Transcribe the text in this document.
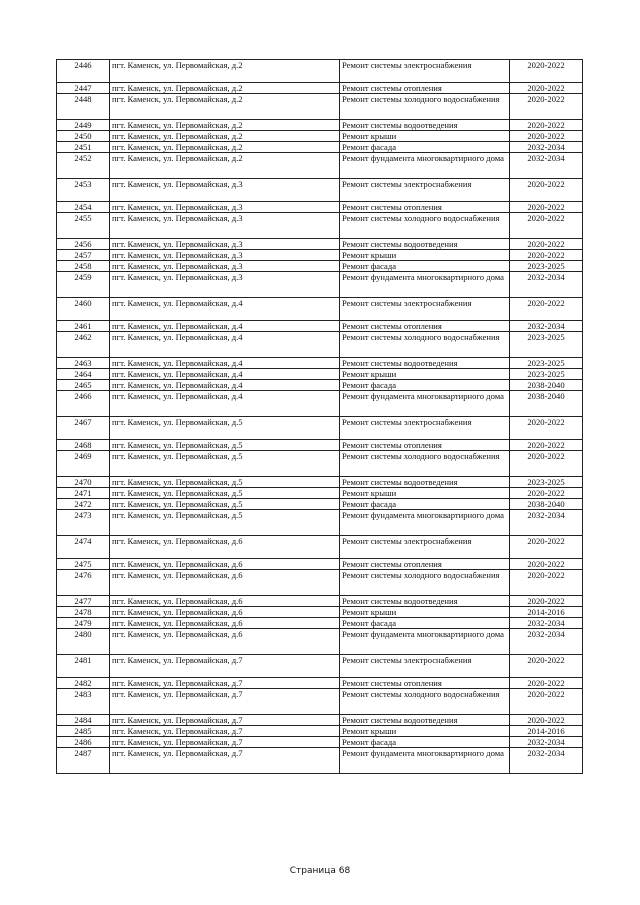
2446	пгт. Каменск, ул. Первомайская, д.2	Ремонт системы электроснабжения	2020-2022
2447	пгт. Каменск, ул. Первомайская, д.2	Ремонт системы отопления	2020-2022
2448	пгт. Каменск, ул. Первомайская, д.2	Ремонт системы холодного водоснабжения	2020-2022
2449	пгт. Каменск, ул. Первомайская, д.2	Ремонт системы водоотведения	2020-2022
2450	пгт. Каменск, ул. Первомайская, д.2	Ремонт крыши	2020-2022
2451	пгт. Каменск, ул. Первомайская, д.2	Ремонт фасада	2032-2034
2452	пгт. Каменск, ул. Первомайская, д.2	Ремонт фундамента многоквартирного дома	2032-2034
2453	пгт. Каменск, ул. Первомайская, д.3	Ремонт системы электроснабжения	2020-2022
2454	пгт. Каменск, ул. Первомайская, д.3	Ремонт системы отопления	2020-2022
2455	пгт. Каменск, ул. Первомайская, д.3	Ремонт системы холодного водоснабжения	2020-2022
2456	пгт. Каменск, ул. Первомайская, д.3	Ремонт системы водоотведения	2020-2022
2457	пгт. Каменск, ул. Первомайская, д.3	Ремонт крыши	2020-2022
2458	пгт. Каменск, ул. Первомайская, д.3	Ремонт фасада	2023-2025
2459	пгт. Каменск, ул. Первомайская, д.3	Ремонт фундамента многоквартирного дома	2032-2034
2460	пгт. Каменск, ул. Первомайская, д.4	Ремонт системы электроснабжения	2020-2022
2461	пгт. Каменск, ул. Первомайская, д.4	Ремонт системы отопления	2032-2034
2462	пгт. Каменск, ул. Первомайская, д.4	Ремонт системы холодного водоснабжения	2023-2025
2463	пгт. Каменск, ул. Первомайская, д.4	Ремонт системы водоотведения	2023-2025
2464	пгт. Каменск, ул. Первомайская, д.4	Ремонт крыши	2023-2025
2465	пгт. Каменск, ул. Первомайская, д.4	Ремонт фасада	2038-2040
2466	пгт. Каменск, ул. Первомайская, д.4	Ремонт фундамента многоквартирного дома	2038-2040
2467	пгт. Каменск, ул. Первомайская, д.5	Ремонт системы электроснабжения	2020-2022
2468	пгт. Каменск, ул. Первомайская, д.5	Ремонт системы отопления	2020-2022
2469	пгт. Каменск, ул. Первомайская, д.5	Ремонт системы холодного водоснабжения	2020-2022
2470	пгт. Каменск, ул. Первомайская, д.5	Ремонт системы водоотведения	2023-2025
2471	пгт. Каменск, ул. Первомайская, д.5	Ремонт крыши	2020-2022
2472	пгт. Каменск, ул. Первомайская, д.5	Ремонт фасада	2038-2040
2473	пгт. Каменск, ул. Первомайская, д.5	Ремонт фундамента многоквартирного дома	2032-2034
2474	пгт. Каменск, ул. Первомайская, д.6	Ремонт системы электроснабжения	2020-2022
2475	пгт. Каменск, ул. Первомайская, д.6	Ремонт системы отопления	2020-2022
2476	пгт. Каменск, ул. Первомайская, д.6	Ремонт системы холодного водоснабжения	2020-2022
2477	пгт. Каменск, ул. Первомайская, д.6	Ремонт системы водоотведения	2020-2022
2478	пгт. Каменск, ул. Первомайская, д.6	Ремонт крыши	2014-2016
2479	пгт. Каменск, ул. Первомайская, д.6	Ремонт фасада	2032-2034
2480	пгт. Каменск, ул. Первомайская, д.6	Ремонт фундамента многоквартирного дома	2032-2034
2481	пгт. Каменск, ул. Первомайская, д.7	Ремонт системы электроснабжения	2020-2022
2482	пгт. Каменск, ул. Первомайская, д.7	Ремонт системы отопления	2020-2022
2483	пгт. Каменск, ул. Первомайская, д.7	Ремонт системы холодного водоснабжения	2020-2022
2484	пгт. Каменск, ул. Первомайская, д.7	Ремонт системы водоотведения	2020-2022
2485	пгт. Каменск, ул. Первомайская, д.7	Ремонт крыши	2014-2016
2486	пгт. Каменск, ул. Первомайская, д.7	Ремонт фасада	2032-2034
2487	пгт. Каменск, ул. Первомайская, д.7	Ремонт фундамента многоквартирного дома	2032-2034
Страница 68
